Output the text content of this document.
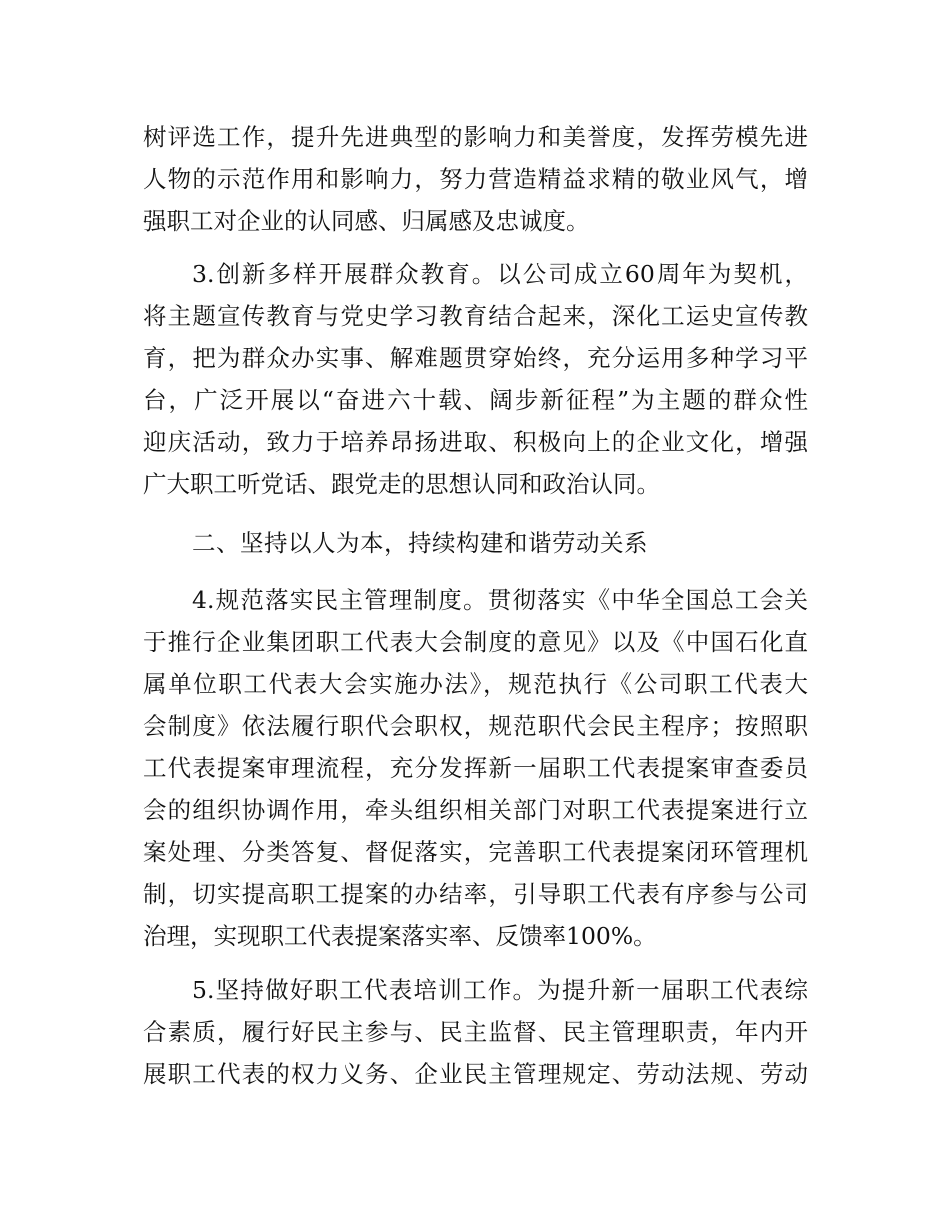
树评选工作，提升先进典型的影响力和美誉度，发挥劳模先进
人物的示范作用和影响力，努力营造精益求精的敬业风气，增
强职工对企业的认同感、归属感及忠诚度。
3.创新多样开展群众教育。以公司成立60周年为契机，
将主题宣传教育与党史学习教育结合起来，深化工运史宣传教
育，把为群众办实事、解难题贯穿始终，充分运用多种学习平
台，广泛开展以“奋进六十载、阔步新征程”为主题的群众性
迎庆活动，致力于培养昂扬进取、积极向上的企业文化，增强
广大职工听党话、跟党走的思想认同和政治认同。
二、坚持以人为本，持续构建和谐劳动关系
4.规范落实民主管理制度。贯彻落实《中华全国总工会关
于推行企业集团职工代表大会制度的意见》以及《中国石化直
属单位职工代表大会实施办法》，规范执行《公司职工代表大
会制度》依法履行职代会职权，规范职代会民主程序；按照职
工代表提案审理流程，充分发挥新一届职工代表提案审查委员
会的组织协调作用，牵头组织相关部门对职工代表提案进行立
案处理、分类答复、督促落实，完善职工代表提案闭环管理机
制，切实提高职工提案的办结率，引导职工代表有序参与公司
治理，实现职工代表提案落实率、反馈率100%。
5.坚持做好职工代表培训工作。为提升新一届职工代表综
合素质，履行好民主参与、民主监督、民主管理职责，年内开
展职工代表的权力义务、企业民主管理规定、劳动法规、劳动
